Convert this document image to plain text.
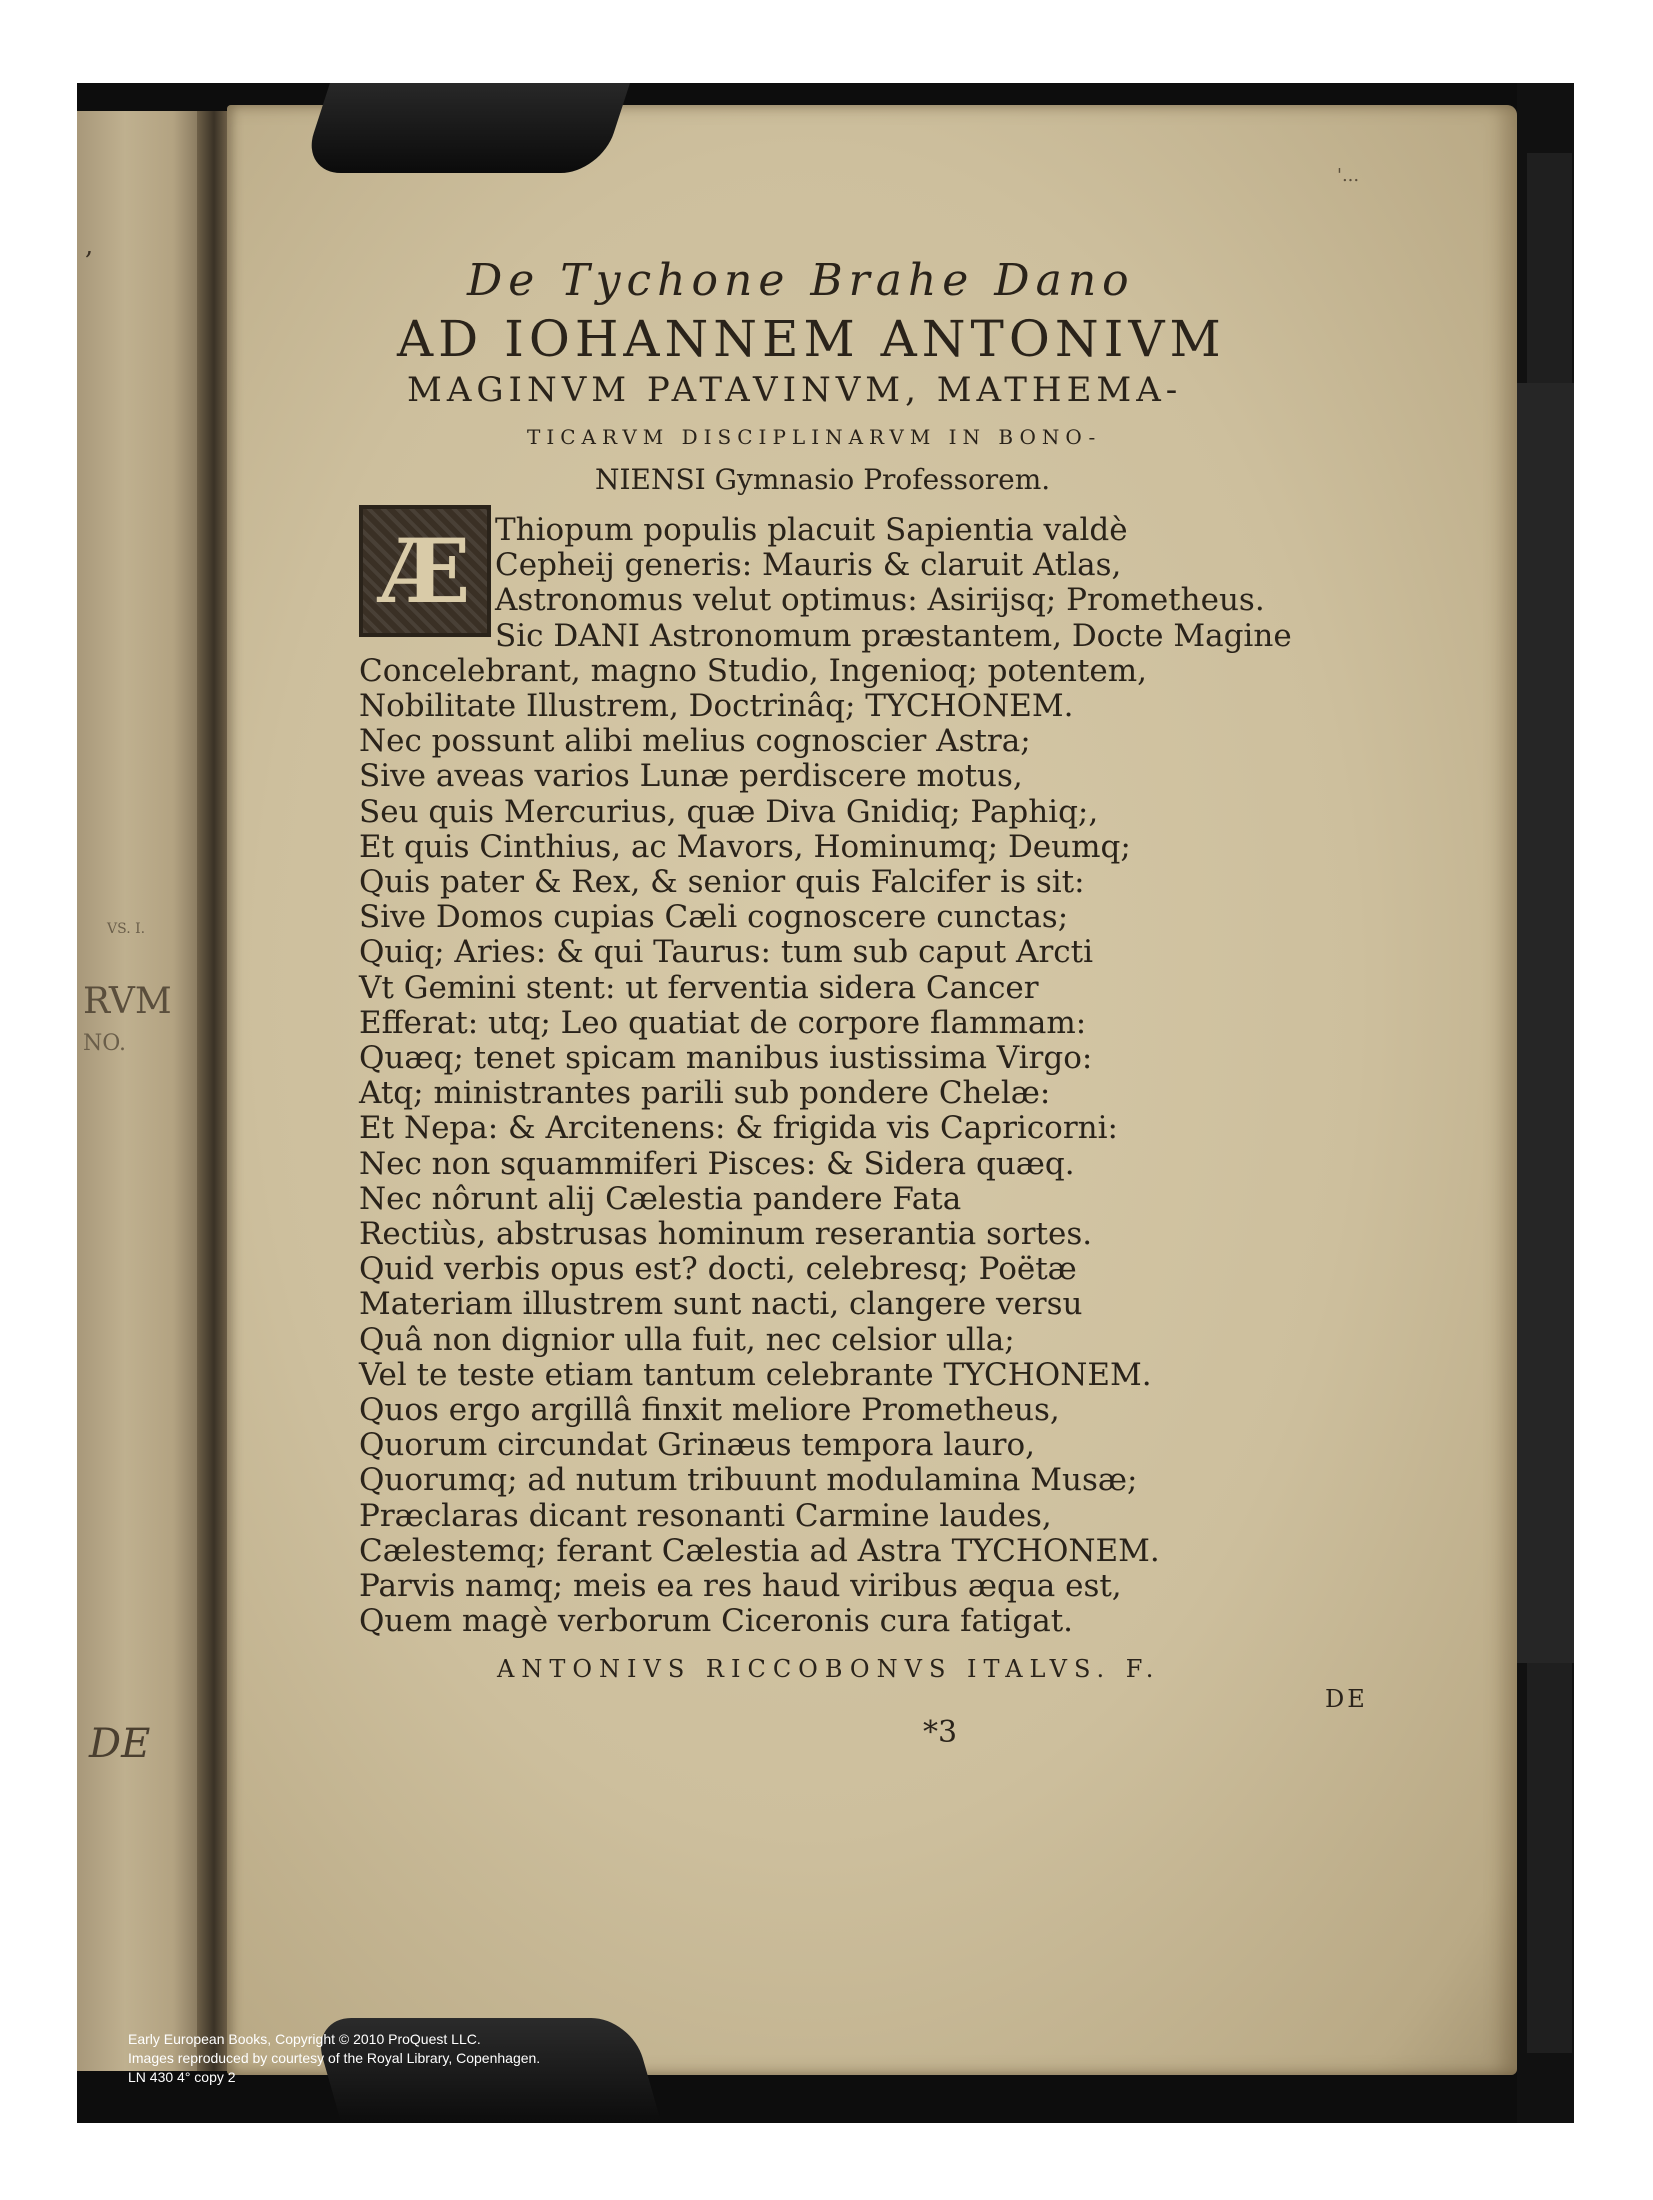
,
VS. I.
RVM
NO.
DE
'...
De Tychone Brahe Dano
AD IOHANNEM ANTONIVM
MAGINVM PATAVINVM, MATHEMA-
TICARVM DISCIPLINARVM IN BONO-
NIENSI Gymnasio Professorem.
Æ Thiopum populis placuit Sapientia valdè
Cepheij generis: Mauris & claruit Atlas,
Astronomus velut optimus: Asirijsq; Prometheus.
Sic DANI Astronomum præstantem, Docte Magine
Concelebrant, magno Studio, Ingenioq; potentem,
Nobilitate Illustrem, Doctrinâq; TYCHONEM.
Nec possunt alibi melius cognoscier Astra;
Sive aveas varios Lunæ perdiscere motus,
Seu quis Mercurius, quæ Diva Gnidiq; Paphiq;,
Et quis Cinthius, ac Mavors, Hominumq; Deumq;
Quis pater & Rex, & senior quis Falcifer is sit:
Sive Domos cupias Cæli cognoscere cunctas;
Quiq; Aries: & qui Taurus: tum sub caput Arcti
Vt Gemini stent: ut ferventia sidera Cancer
Efferat: utq; Leo quatiat de corpore flammam:
Quæq; tenet spicam manibus iustissima Virgo:
Atq; ministrantes parili sub pondere Chelæ:
Et Nepa: & Arcitenens: & frigida vis Capricorni:
Nec non squammiferi Pisces: & Sidera quæq.
Nec nôrunt alij Cælestia pandere Fata
Rectiùs, abstrusas hominum reserantia sortes.
Quid verbis opus est? docti, celebresq; Poëtæ
Materiam illustrem sunt nacti, clangere versu
Quâ non dignior ulla fuit, nec celsior ulla;
Vel te teste etiam tantum celebrante TYCHONEM.
Quos ergo argillâ finxit meliore Prometheus,
Quorum circundat Grinæus tempora lauro,
Quorumq; ad nutum tribuunt modulamina Musæ;
Præclaras dicant resonanti Carmine laudes,
Cælestemq; ferant Cælestia ad Astra TYCHONEM.
Parvis namq; meis ea res haud viribus æqua est,
Quem magè verborum Ciceronis cura fatigat.
ANTONIVS RICCOBONVS ITALVS. F.
*3
DE
Early European Books, Copyright © 2010 ProQuest LLC.
Images reproduced by courtesy of the Royal Library, Copenhagen.
LN 430 4° copy 2
